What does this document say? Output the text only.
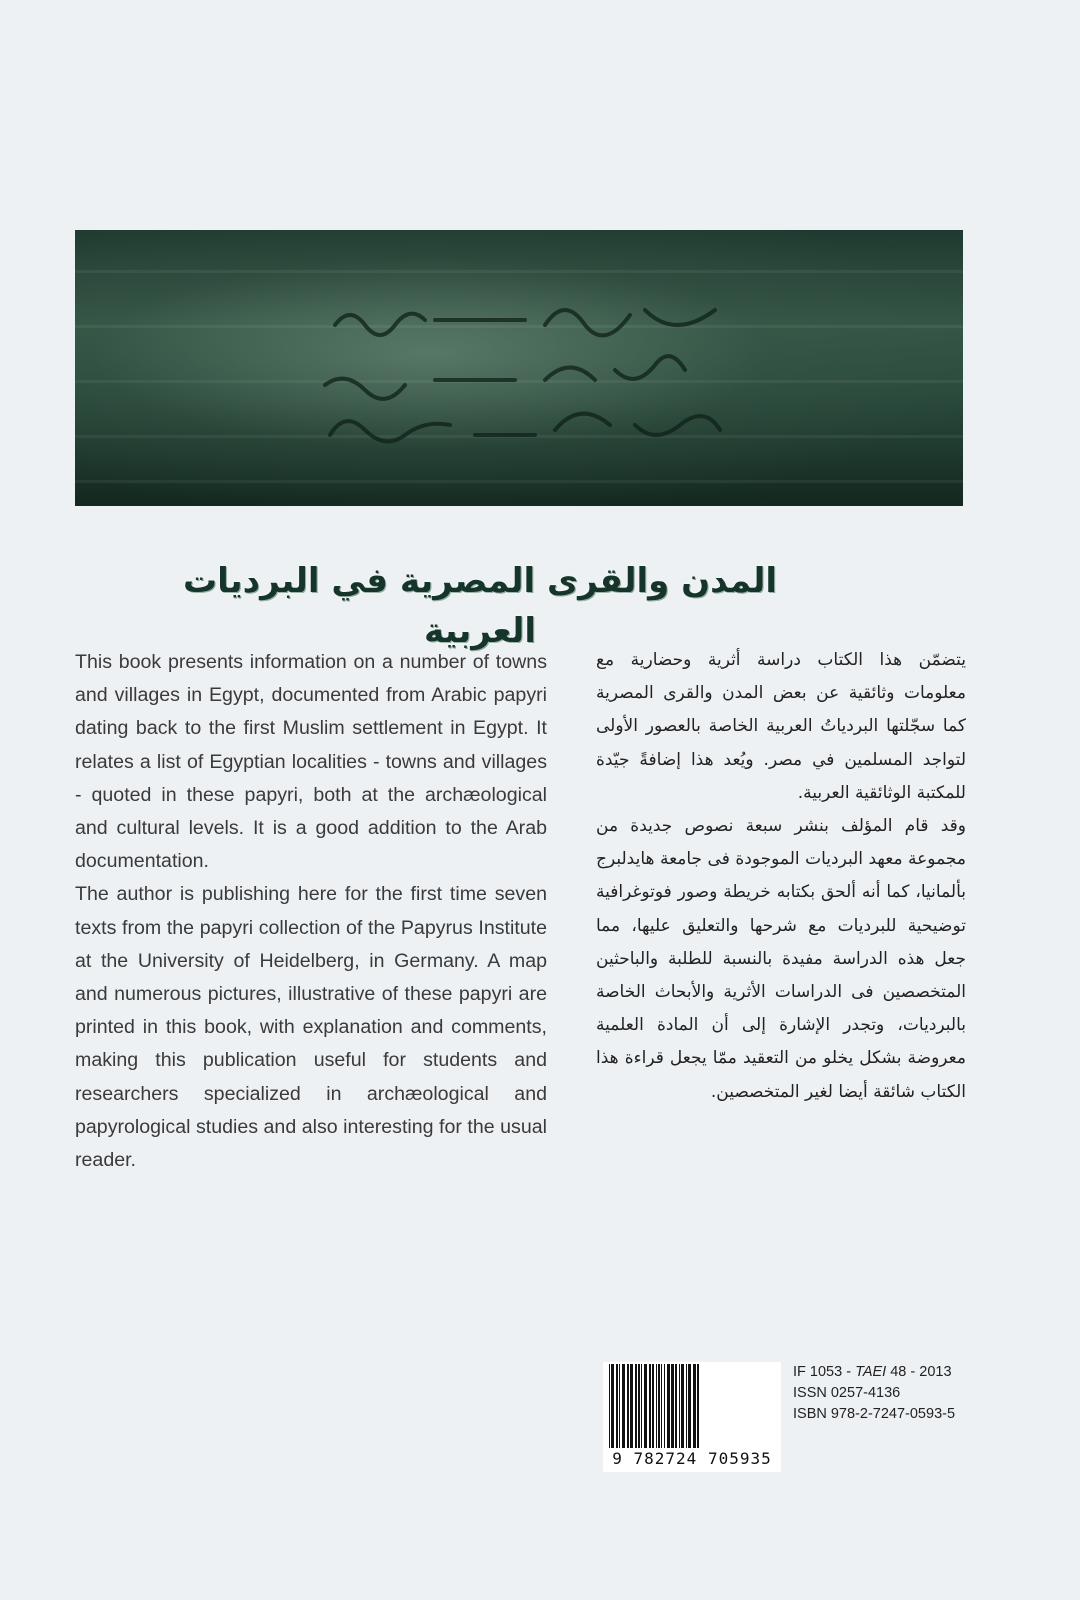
المدن والقرى المصرية في البرديات العربية

This book presents information on a number of towns and villages in Egypt, documented from Arabic papyri dating back to the first Muslim settlement in Egypt. It relates a list of Egyptian localities - towns and villages - quoted in these papyri, both at the archæological and cultural levels. It is a good addition to the Arab documentation.

The author is publishing here for the first time seven texts from the papyri collection of the Papyrus Institute at the University of Heidelberg, in Germany. A map and numerous pictures, illustrative of these papyri are printed in this book, with explanation and comments, making this publication useful for students and researchers specialized in archæological and papyrological studies and also interesting for the usual reader.

يتضمّن هذا الكتاب دراسة أثرية وحضارية مع معلومات وثائقية عن بعض المدن والقرى المصرية كما سجّلتها البردياتُ العربية الخاصة بالعصور الأولى لتواجد المسلمين في مصر. ويُعد هذا إضافةً جيّدة للمكتبة الوثائقية العربية.

وقد قام المؤلف بنشر سبعة نصوص جديدة من مجموعة معهد البرديات الموجودة فى جامعة هايدلبرج بألمانيا، كما أنه ألحق بكتابه خريطة وصور فوتوغرافية توضيحية للبرديات مع شرحها والتعليق عليها، مما جعل هذه الدراسة مفيدة بالنسبة للطلبة والباحثين المتخصصين فى الدراسات الأثرية والأبحاث الخاصة بالبرديات، وتجدر الإشارة إلى أن المادة العلمية معروضة بشكل يخلو من التعقيد ممّا يجعل قراءة هذا الكتاب شائقة أيضا لغير المتخصصين.

9 782724 705935
IF 1053 - TAEI 48 - 2013
ISSN 0257-4136
ISBN 978-2-7247-0593-5
